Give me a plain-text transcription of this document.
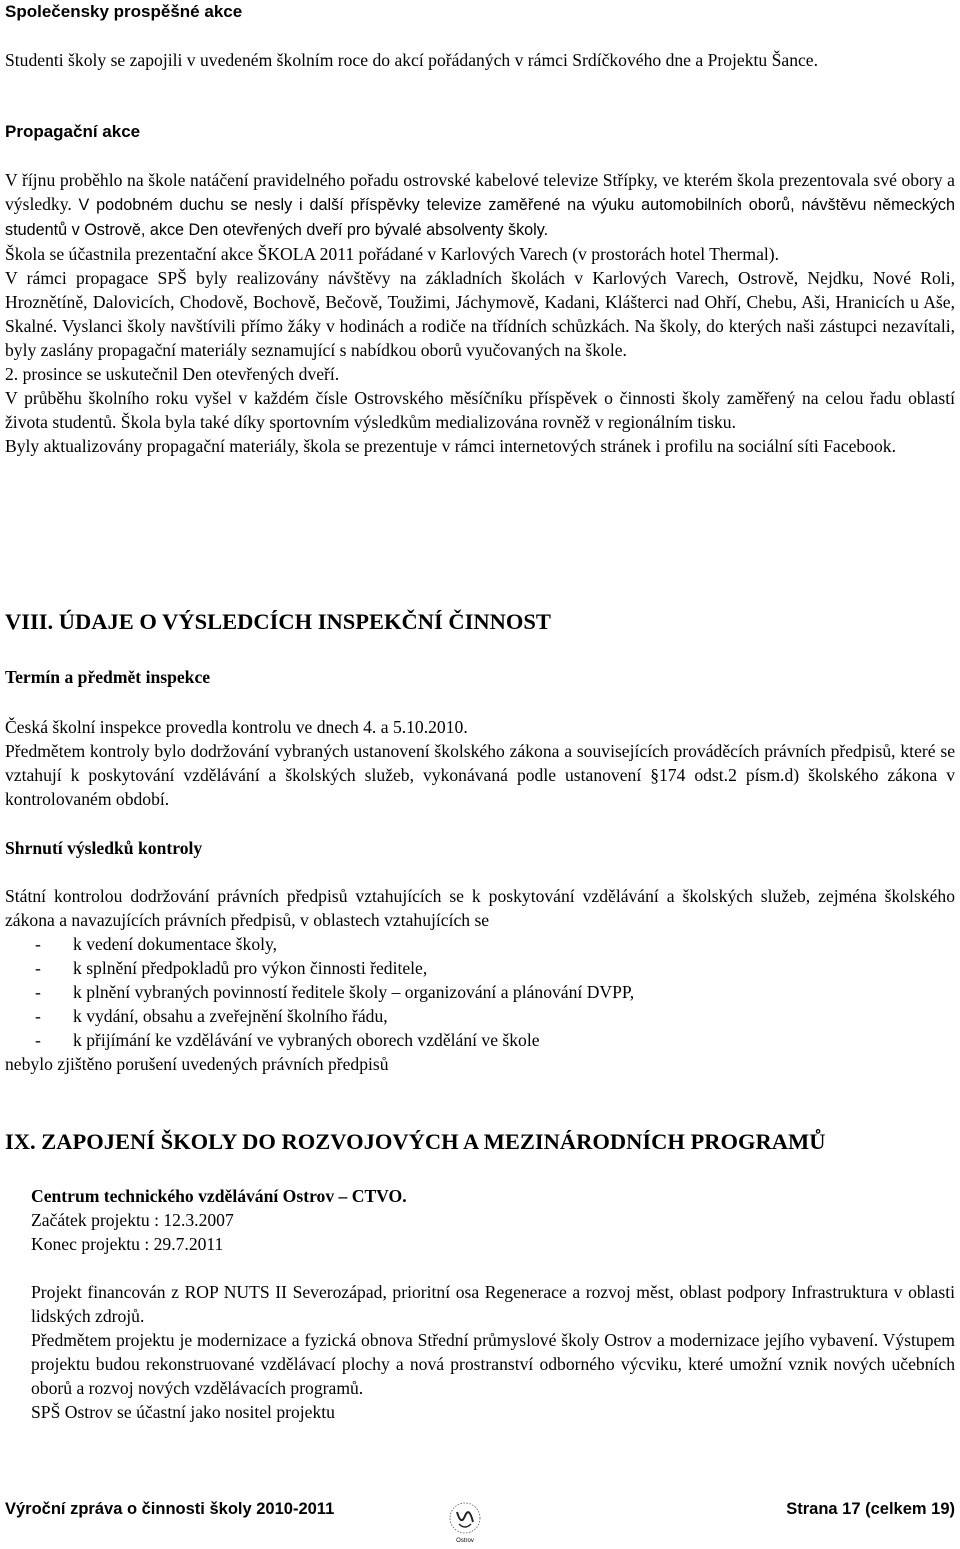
Společensky prospěšné akce

Studenti školy se zapojili v uvedeném školním roce do akcí pořádaných v rámci Srdíčkového dne a Projektu Šance.

Propagační akce

V říjnu proběhlo na škole natáčení pravidelného pořadu ostrovské kabelové televize Střípky, ve kterém škola prezentovala své obory a výsledky. V podobném duchu se nesly i další příspěvky televize zaměřené na výuku automobilních oborů, návštěvu německých studentů v Ostrově, akce Den otevřených dveří pro bývalé absolventy školy.

Škola se účastnila prezentační akce ŠKOLA 2011 pořádané v Karlových Varech (v prostorách hotel Thermal).

V rámci propagace SPŠ byly realizovány návštěvy na základních školách v Karlových Varech, Ostrově, Nejdku, Nové Roli, Hroznětíně, Dalovicích, Chodově, Bochově, Bečově, Toužimi, Jáchymově, Kadani, Klášterci nad Ohří, Chebu, Aši, Hranicích u Aše, Skalné. Vyslanci školy navštívili přímo žáky v hodinách a rodiče na třídních schůzkách. Na školy, do kterých naši zástupci nezavítali, byly zaslány propagační materiály seznamující s nabídkou oborů vyučovaných na škole.

2. prosince se uskutečnil Den otevřených dveří.

V průběhu školního roku vyšel v každém čísle Ostrovského měsíčníku příspěvek o činnosti školy zaměřený na celou řadu oblastí života studentů. Škola byla také díky sportovním výsledkům medializována rovněž v regionálním tisku.

Byly aktualizovány propagační materiály, škola se prezentuje v rámci internetových stránek i profilu na sociální síti Facebook.

VIII. ÚDAJE O VÝSLEDCÍCH INSPEKČNÍ ČINNOST
Termín a předmět inspekce

Česká školní inspekce provedla kontrolu ve dnech 4. a 5.10.2010.

Předmětem kontroly bylo dodržování vybraných ustanovení školského zákona a souvisejících prováděcích právních předpisů, které se vztahují k poskytování vzdělávání a školských služeb, vykonávaná podle ustanovení §174 odst.2 písm.d) školského zákona v kontrolovaném období.

Shrnutí výsledků kontroly

Státní kontrolou dodržování právních předpisů vztahujících se k poskytování vzdělávání a školských služeb, zejména školského zákona a navazujících právních předpisů, v oblastech vztahujících se

- k vedení dokumentace školy,
- k splnění předpokladů pro výkon činnosti ředitele,
- k plnění vybraných povinností ředitele školy – organizování a plánování DVPP,
- k vydání, obsahu a zveřejnění školního řádu,
- k přijímání ke vzdělávání ve vybraných oborech vzdělání ve škole
nebylo zjištěno porušení uvedených právních předpisů
IX. ZAPOJENÍ ŠKOLY DO ROZVOJOVÝCH A MEZINÁRODNÍCH PROGRAMŮ

Centrum technického vzdělávání Ostrov – CTVO.

Začátek projektu : 12.3.2007

Konec projektu : 29.7.2011

Projekt financován z ROP NUTS II Severozápad, prioritní osa Regenerace a rozvoj měst, oblast podpory Infrastruktura v oblasti lidských zdrojů.

Předmětem projektu je modernizace a fyzická obnova Střední průmyslové školy Ostrov a modernizace jejího vybavení. Výstupem projektu budou rekonstruované vzdělávací plochy a nová prostranství odborného výcviku, které umožní vznik nových učebních oborů a rozvoj nových vzdělávacích programů.

SPŠ Ostrov se účastní jako nositel projektu

Výroční zpráva o činnosti školy 2010-2011
Ostrov
Strana 17 (celkem 19)
